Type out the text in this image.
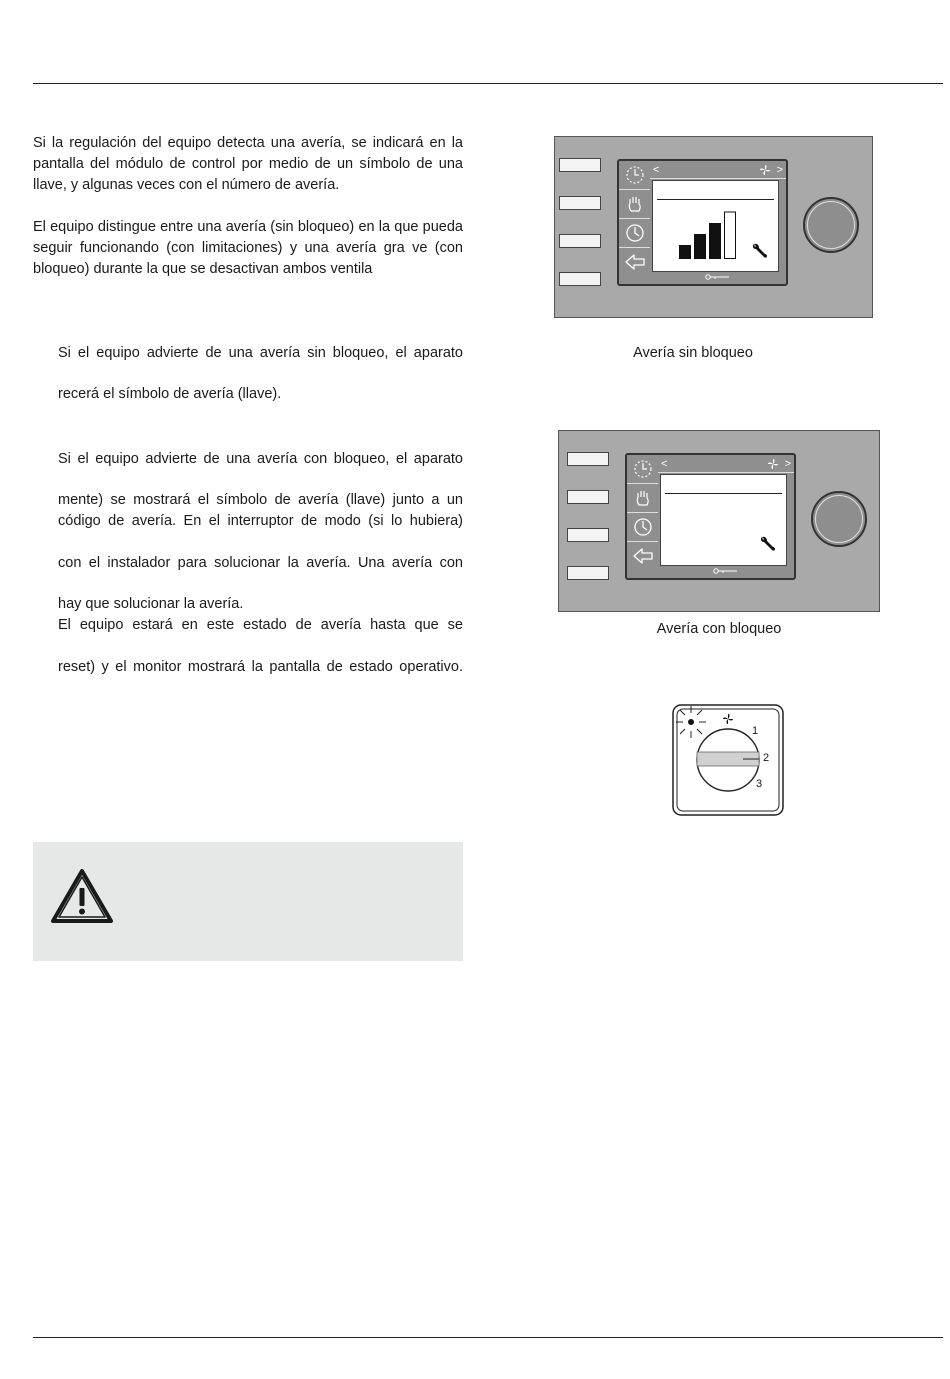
Si la regulación del equipo detecta una avería, se indicará en la pantalla del módulo de control por medio de un símbolo de una llave, y algunas veces con el número de avería.
El equipo distingue entre una avería (sin bloqueo) en la que pueda seguir funcionando (con limitaciones) y una avería gra ve (con bloqueo) durante la que se desactivan ambos ventila
Si el equipo advierte de una avería sin bloqueo, el aparato
recerá el símbolo de avería (llave).
Si el equipo advierte de una avería con bloqueo, el aparato
mente) se mostrará el símbolo de avería (llave) junto a un
código de avería. En el interruptor de modo (si lo hubiera)
con el instalador para solucionar la avería. Una avería con
hay que solucionar la avería.
El equipo estará en este estado de avería hasta que se
reset) y el monitor mostrará la pantalla de estado operativo.
<	>
Avería sin bloqueo
<	>
Avería con bloqueo
1
2
3
